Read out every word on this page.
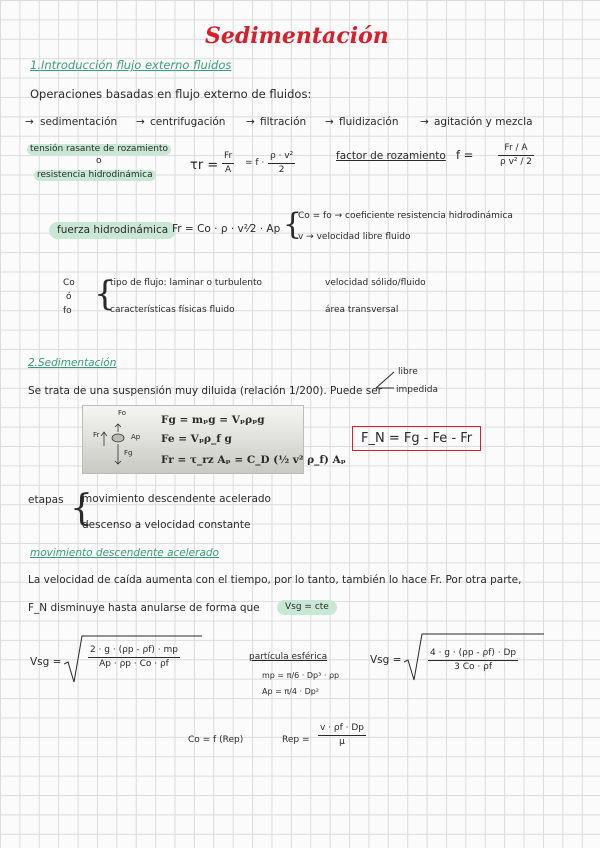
Sedimentación
1.Introducción flujo externo fluidos
Operaciones basadas en flujo externo de fluidos:
→ sedimentación → centrifugación → filtración → fluidización → agitación y mezcla
tensión rasante de rozamiento
o
resistencia hidrodinámica
$\tau r = \frac{Fr}{A} = f \cdot \frac{\text{ρ · v²}}{2}$	factor de rozamiento f =	$\frac{Fr / A}{\text{ρ v² / 2}}$
fuerza hidrodinámica Fr = Co · ρ · v²⁄2 · Ap {
Co = fo → coeficiente resistencia hidrodinámica
v → velocidad libre fluido
Co
ó
fo {
tipo de flujo: laminar o turbulento
características físicas fluido
velocidad sólido/fluido
área transversal
2.Sedimentación
Se trata de una suspensión muy diluida (relación 1/200). Puede ser
libre
impedida
Fo
Fr	Ap
Fg
Fg = mₚg = Vₚρₚg
Fe = Vₚρ_f g
Fr = τ_rz Aₚ = C_D (½ v² ρ_f) Aₚ
F_N = Fg - Fe - Fr
etapas {
movimiento descendente acelerado
descenso a velocidad constante
movimiento descendente acelerado
La velocidad de caída aumenta con el tiempo, por lo tanto, también lo hace Fr. Por otra parte,
F_N disminuye hasta anularse de forma que	Vsg = cte
Vsg =	$\frac{2 \cdot g \cdot (\rho p - \rho f) \cdot mp}{Ap \cdot \rho p \cdot Co \cdot \rho f}$	partícula esférica
mp = π/6 · Dp³ · ρp
Ap = π/4 · Dp²
Vsg =	$\frac{4 \cdot g \cdot (\rho p - \rho f) \cdot Dp}{3 Co \cdot \rho f}$
Co = f (Rep)	Rep = $\frac{v \cdot \rho f \cdot Dp}{\mu}$
